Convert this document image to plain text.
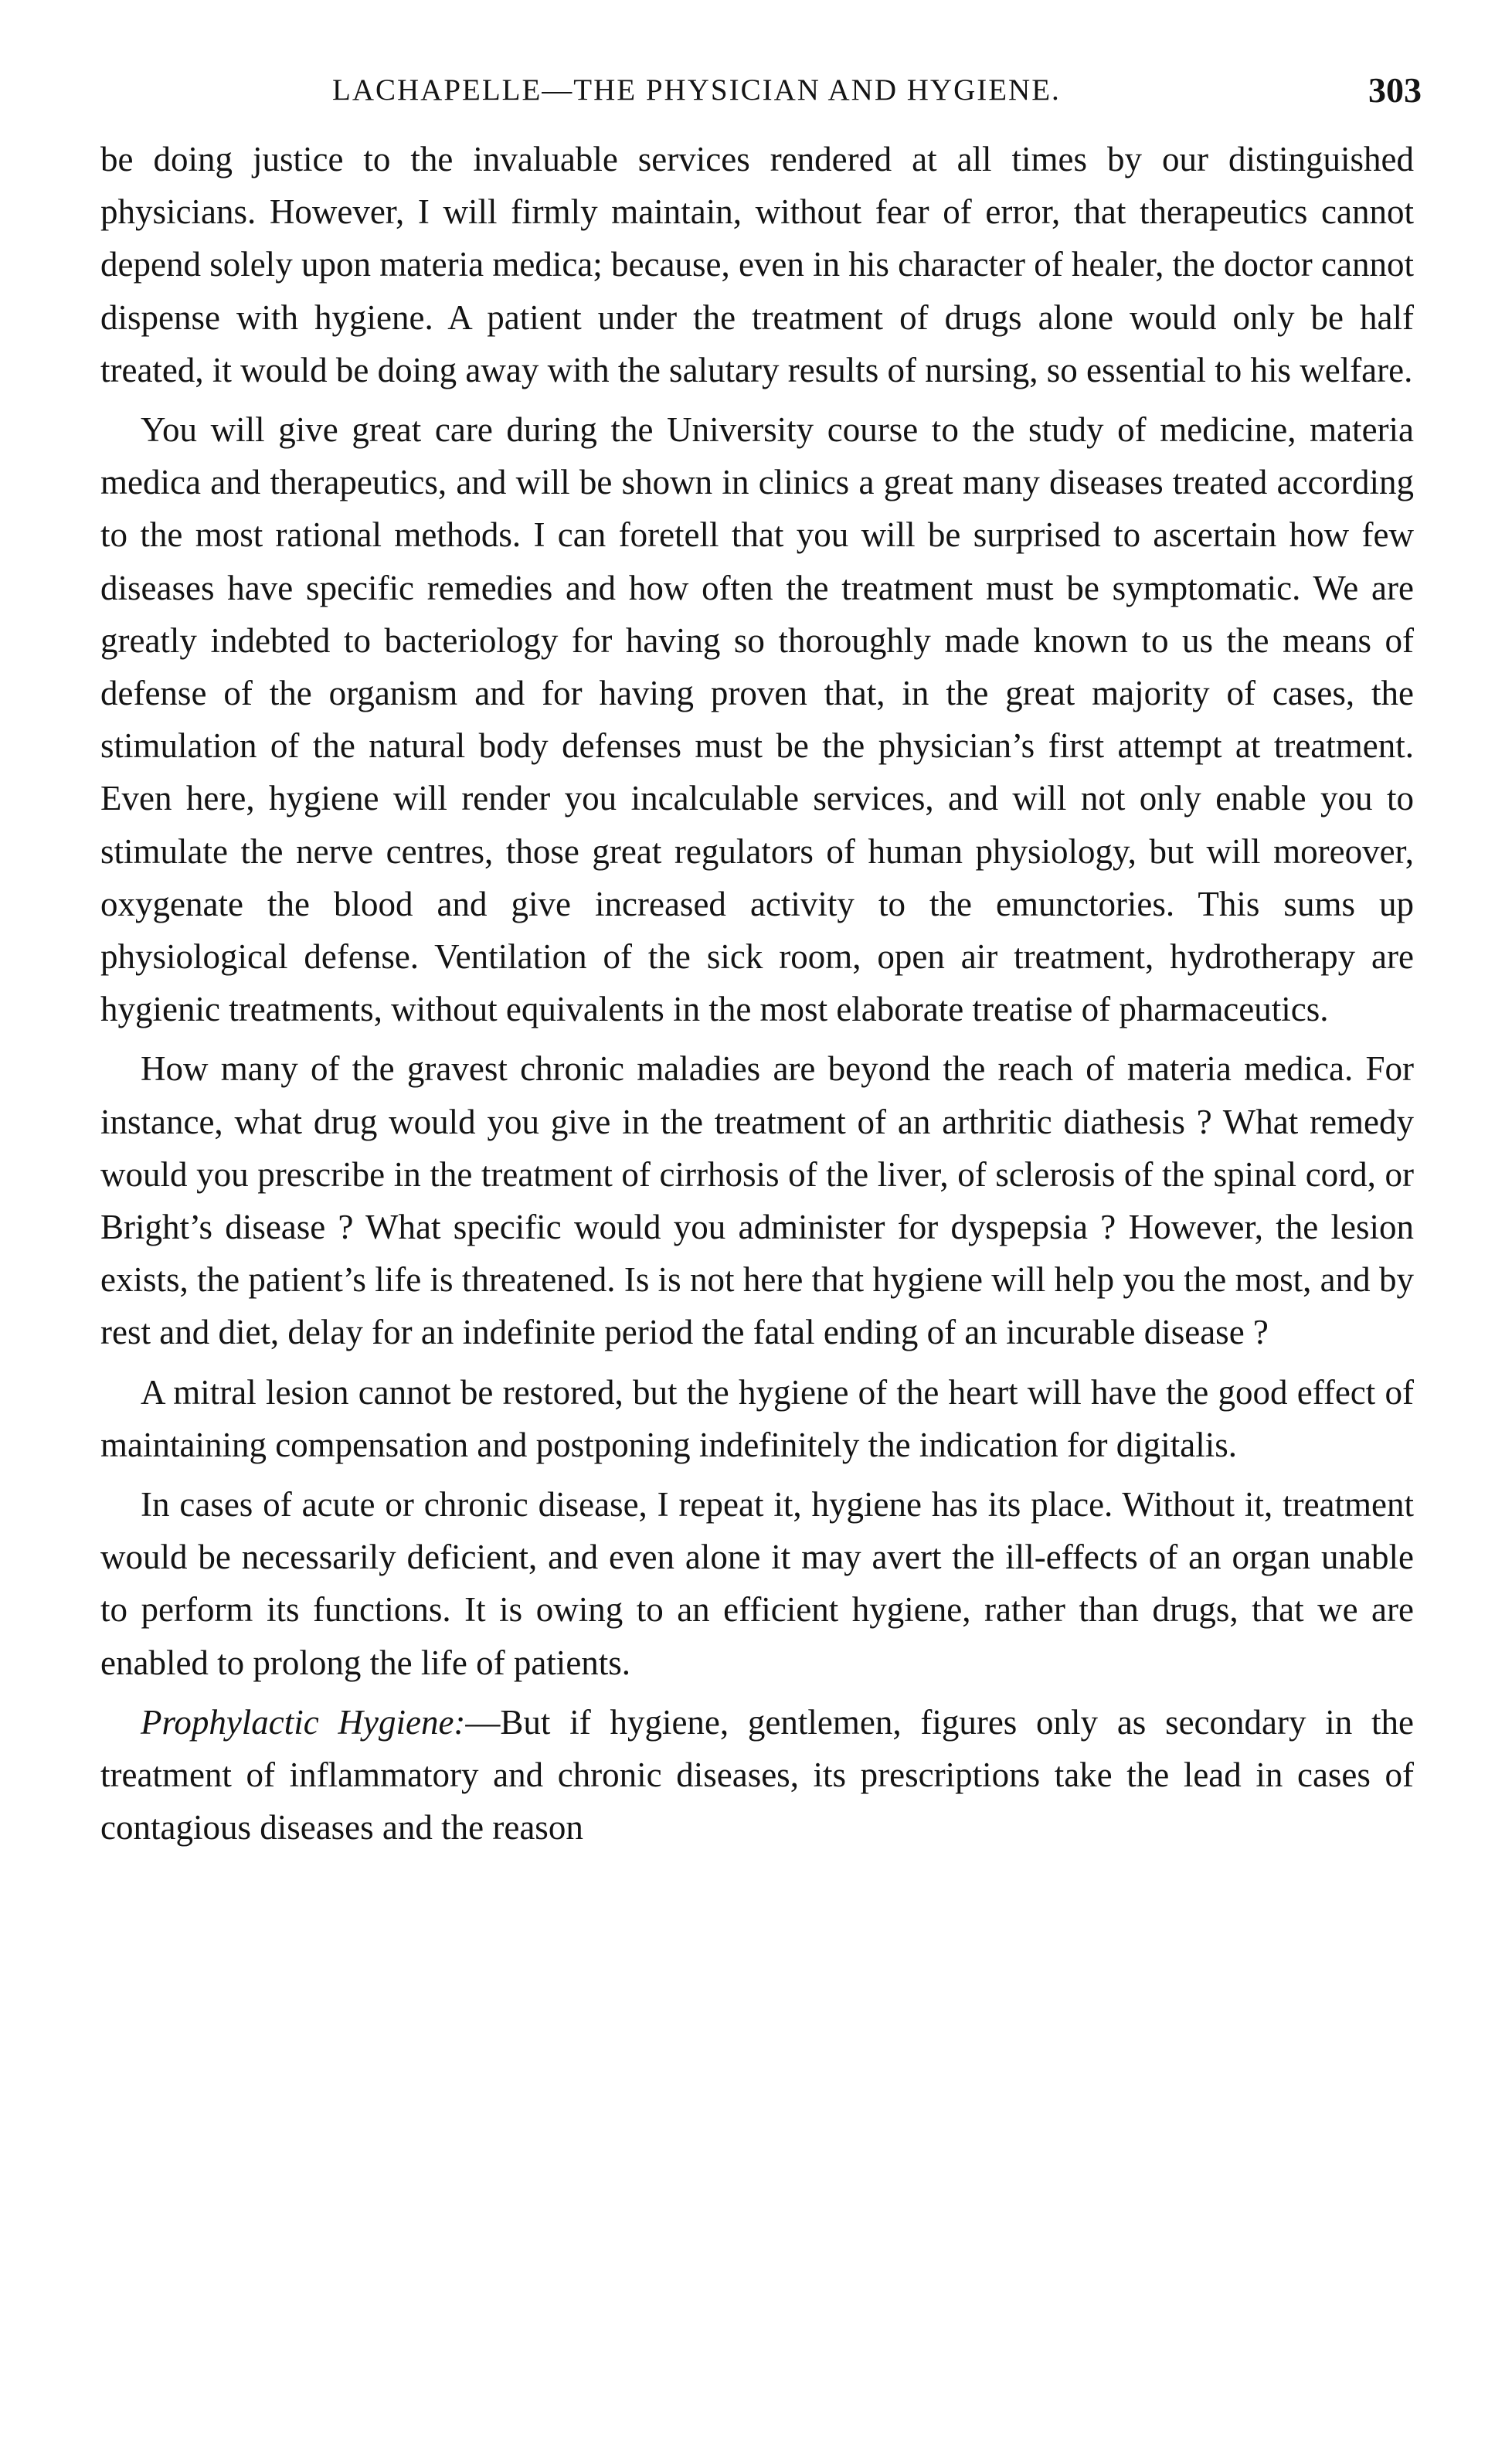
LACHAPELLE—THE PHYSICIAN AND HYGIENE.	303

be doing justice to the invaluable services rendered at all times by our distinguished physicians. However, I will firmly maintain, without fear of error, that therapeutics cannot depend solely upon materia medica; because, even in his character of healer, the doctor cannot dispense with hygiene. A patient under the treatment of drugs alone would only be half treated, it would be doing away with the salutary results of nursing, so essential to his welfare.

You will give great care during the University course to the study of medicine, materia medica and therapeutics, and will be shown in clinics a great many diseases treated according to the most rational methods. I can foretell that you will be surprised to ascertain how few diseases have specific remedies and how often the treatment must be symptomatic. We are greatly indebted to bacteriology for having so thoroughly made known to us the means of defense of the organism and for having proven that, in the great majority of cases, the stimulation of the natural body defenses must be the physician’s first attempt at treatment. Even here, hygiene will render you incalculable services, and will not only enable you to stimulate the nerve centres, those great regulators of human physiology, but will moreover, oxygenate the blood and give increased activity to the emunctories. This sums up physiological defense. Ventilation of the sick room, open air treatment, hydrotherapy are hygienic treatments, without equivalents in the most elaborate treatise of pharmaceutics.

How many of the gravest chronic maladies are beyond the reach of materia medica. For instance, what drug would you give in the treatment of an arthritic diathesis ? What remedy would you prescribe in the treatment of cirrhosis of the liver, of sclerosis of the spinal cord, or Bright’s disease ? What specific would you administer for dyspepsia ? However, the lesion exists, the patient’s life is threatened. Is is not here that hygiene will help you the most, and by rest and diet, delay for an indefinite period the fatal ending of an incurable disease ?

A mitral lesion cannot be restored, but the hygiene of the heart will have the good effect of maintaining compensation and postponing indefinitely the indication for digitalis.

In cases of acute or chronic disease, I repeat it, hygiene has its place. Without it, treatment would be necessarily deficient, and even alone it may avert the ill-effects of an organ unable to perform its functions. It is owing to an efficient hygiene, rather than drugs, that we are enabled to prolong the life of patients.

Prophylactic Hygiene:—But if hygiene, gentlemen, figures only as secondary in the treatment of inflammatory and chronic diseases, its prescriptions take the lead in cases of contagious diseases and the reason
